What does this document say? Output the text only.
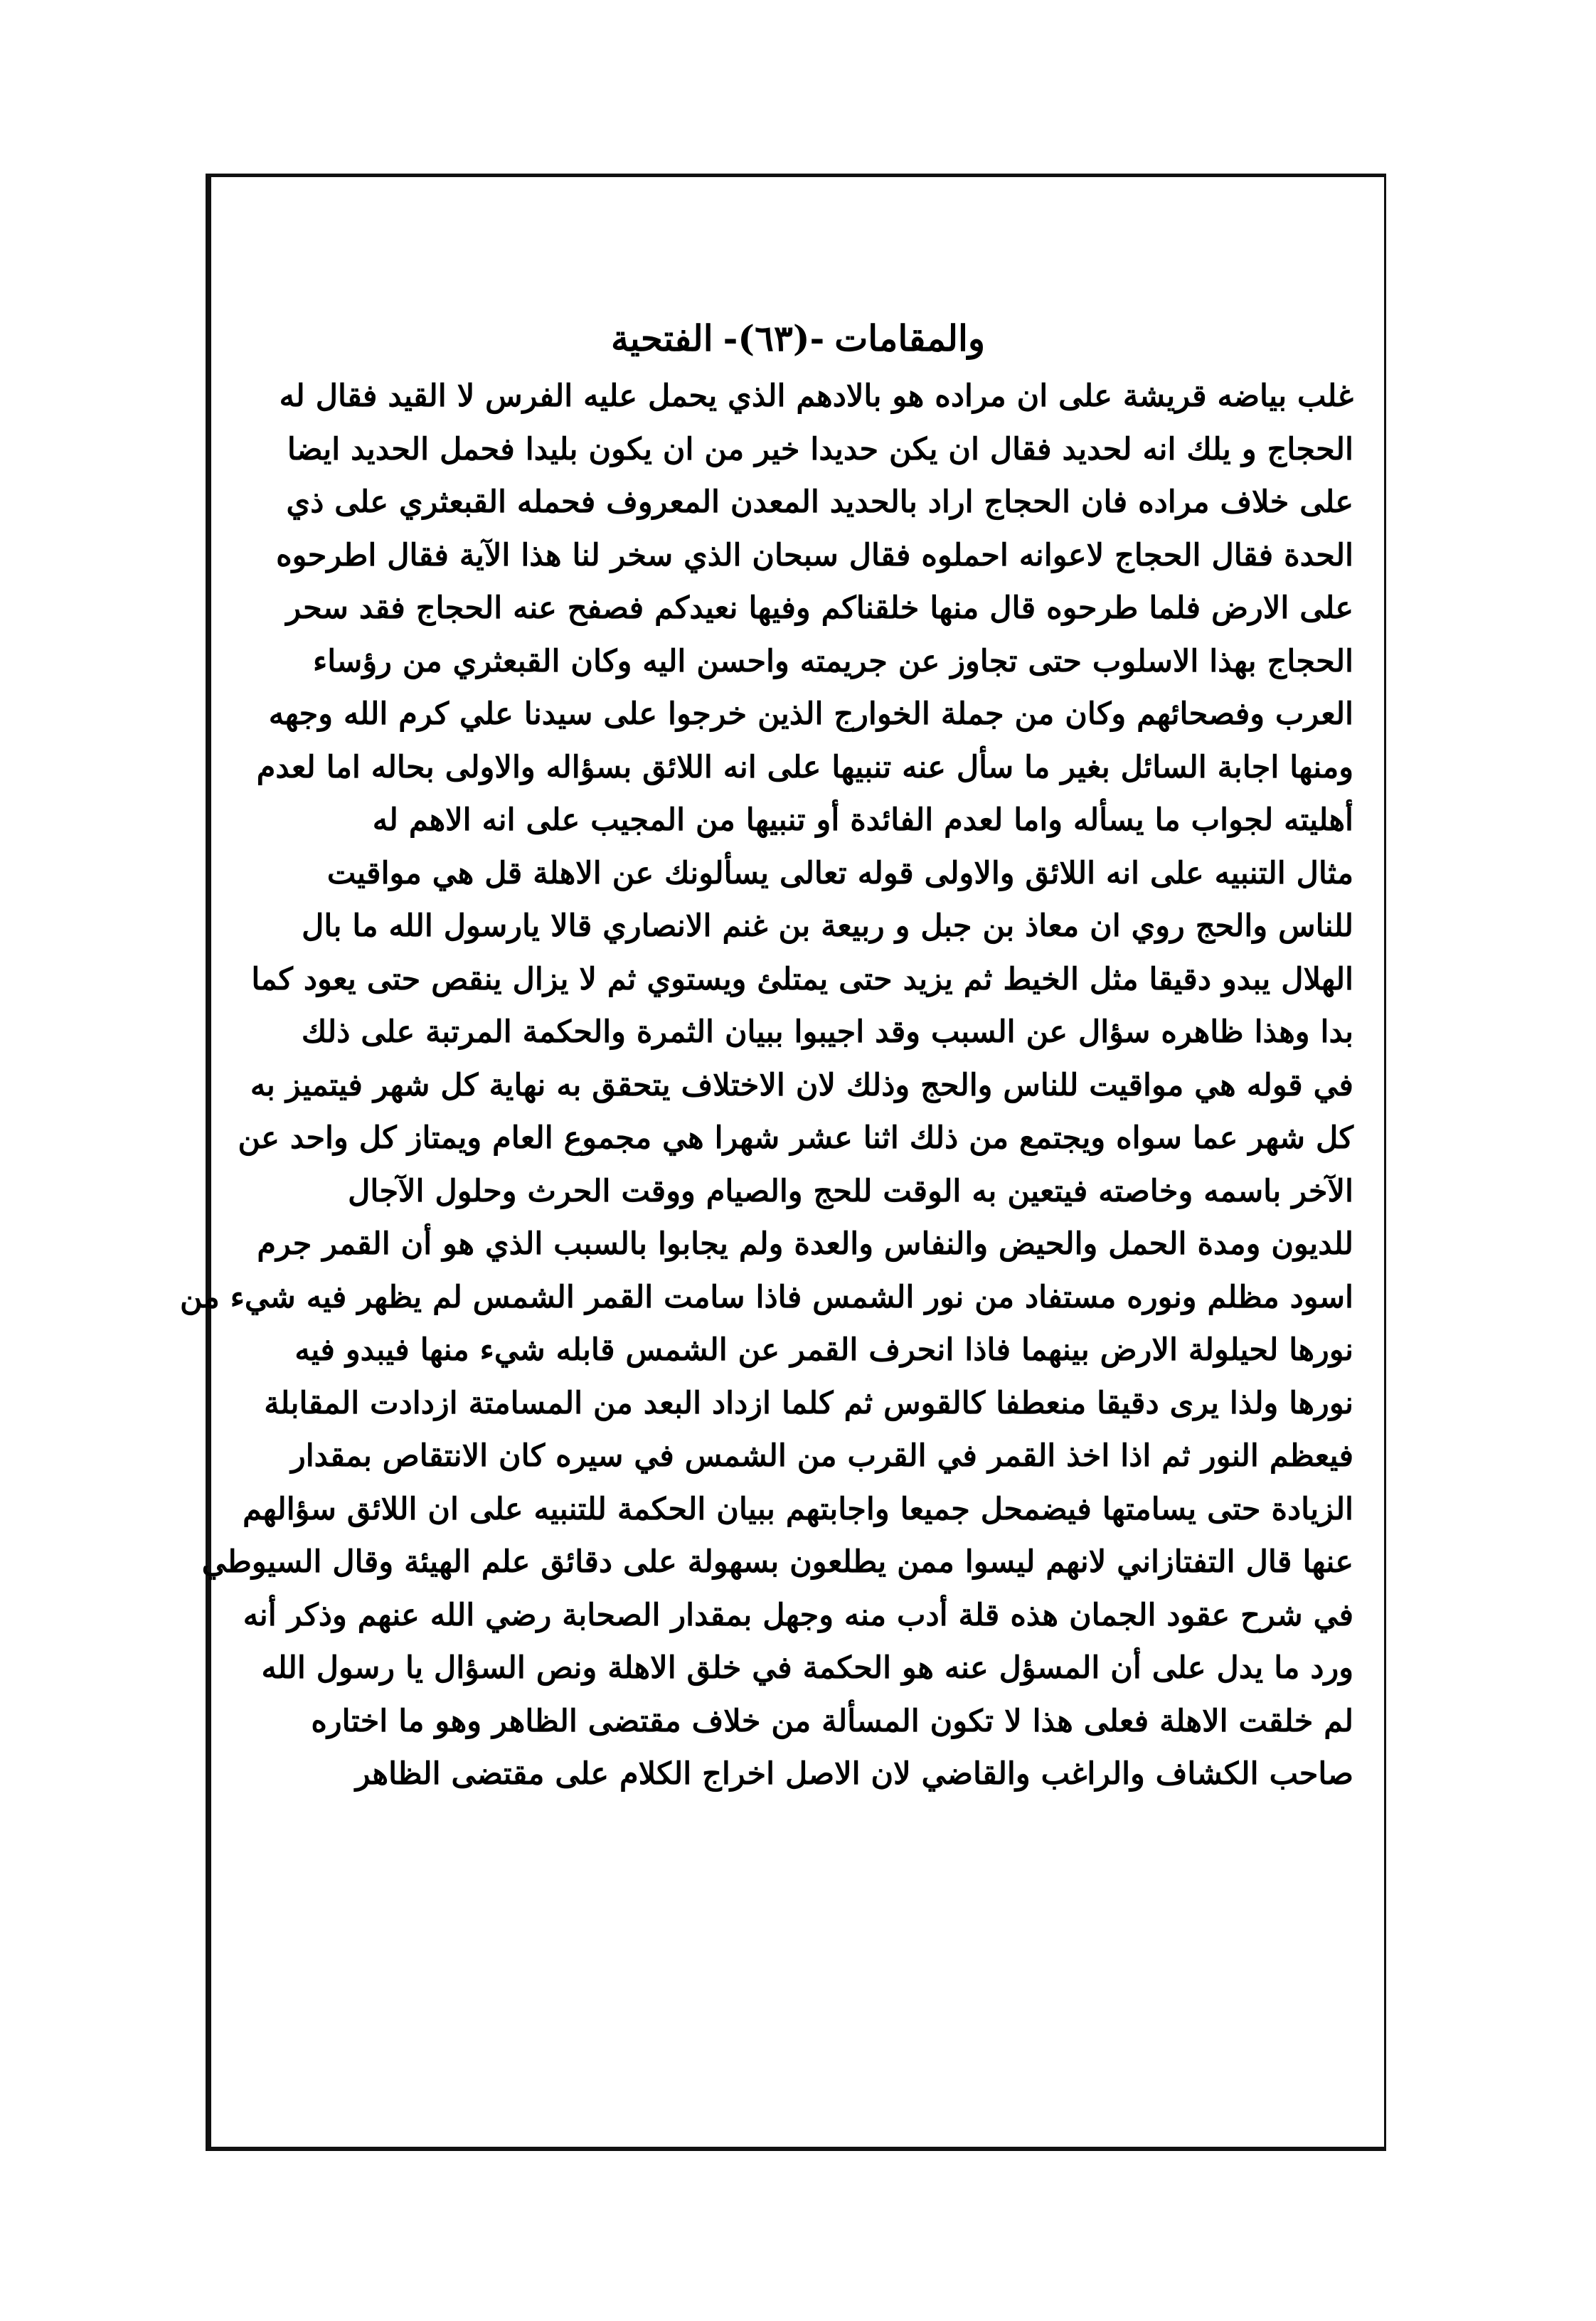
والمقامات
-(٦٣)-
الفتحية
غلب بياضه قريشة على ان مراده هو بالادهم الذي يحمل عليه الفرس لا القيد فقال له
الحجاج و يلك انه لحديد فقال ان يكن حديدا خير من ان يكون بليدا فحمل الحديد ايضا
على خلاف مراده فان الحجاج اراد بالحديد المعدن المعروف فحمله القبعثري على ذي
الحدة فقال الحجاج لاعوانه احملوه فقال سبحان الذي سخر لنا هذا الآية فقال اطرحوه
على الارض فلما طرحوه قال منها خلقناكم وفيها نعيدكم فصفح عنه الحجاج فقد سحر
الحجاج بهذا الاسلوب حتى تجاوز عن جريمته واحسن اليه وكان القبعثري من رؤساء
العرب وفصحائهم وكان من جملة الخوارج الذين خرجوا على سيدنا علي كرم الله وجهه
ومنها اجابة السائل بغير ما سأل عنه تنبيها على انه اللائق بسؤاله والاولى بحاله اما لعدم
أهليته لجواب ما يسأله واما لعدم الفائدة أو تنبيها من المجيب على انه الاهم له
مثال التنبيه على انه اللائق والاولى قوله تعالى يسألونك عن الاهلة قل هي مواقيت
للناس والحج روي ان معاذ بن جبل و ربيعة بن غنم الانصاري قالا يارسول الله ما بال
الهلال يبدو دقيقا مثل الخيط ثم يزيد حتى يمتلئ ويستوي ثم لا يزال ينقص حتى يعود كما
بدا وهذا ظاهره سؤال عن السبب وقد اجيبوا ببيان الثمرة والحكمة المرتبة على ذلك
في قوله هي مواقيت للناس والحج وذلك لان الاختلاف يتحقق به نهاية كل شهر فيتميز به
كل شهر عما سواه ويجتمع من ذلك اثنا عشر شهرا هي مجموع العام ويمتاز كل واحد عن
الآخر باسمه وخاصته فيتعين به الوقت للحج والصيام ووقت الحرث وحلول الآجال
للديون ومدة الحمل والحيض والنفاس والعدة ولم يجابوا بالسبب الذي هو أن القمر جرم
اسود مظلم ونوره مستفاد من نور الشمس فاذا سامت القمر الشمس لم يظهر فيه شيء من
نورها لحيلولة الارض بينهما فاذا انحرف القمر عن الشمس قابله شيء منها فيبدو فيه
نورها ولذا يرى دقيقا منعطفا كالقوس ثم كلما ازداد البعد من المسامتة ازدادت المقابلة
فيعظم النور ثم اذا اخذ القمر في القرب من الشمس في سيره كان الانتقاص بمقدار
الزيادة حتى يسامتها فيضمحل جميعا واجابتهم ببيان الحكمة للتنبيه على ان اللائق سؤالهم
عنها قال التفتازاني لانهم ليسوا ممن يطلعون بسهولة على دقائق علم الهيئة وقال السيوطي
في شرح عقود الجمان هذه قلة أدب منه وجهل بمقدار الصحابة رضي الله عنهم وذكر أنه
ورد ما يدل على أن المسؤل عنه هو الحكمة في خلق الاهلة ونص السؤال يا رسول الله
لم خلقت الاهلة فعلى هذا لا تكون المسألة من خلاف مقتضى الظاهر وهو ما اختاره
صاحب الكشاف والراغب والقاضي لان الاصل اخراج الكلام على مقتضى الظاهر
